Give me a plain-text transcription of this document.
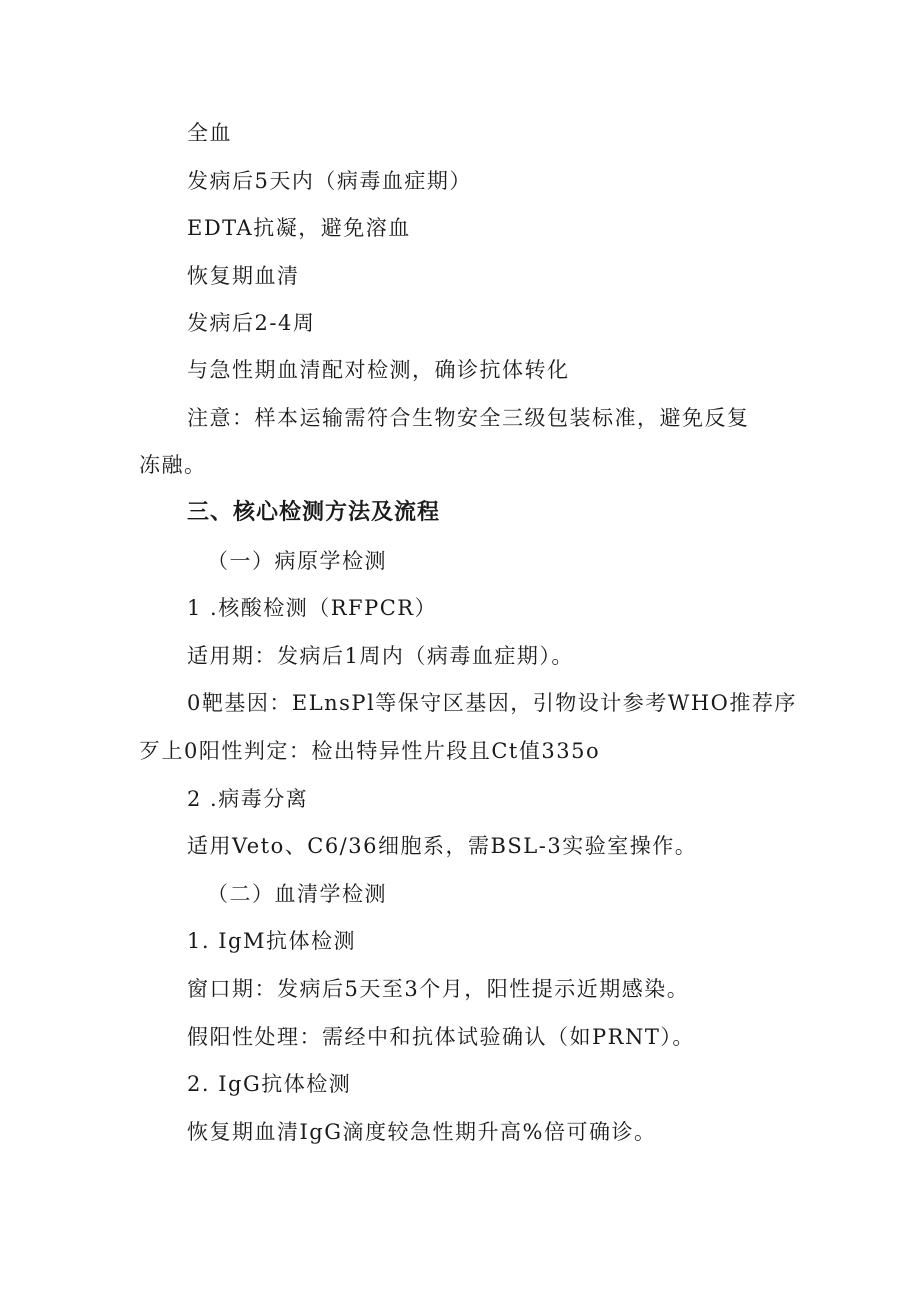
全血
发病后5天内（病毒血症期）
EDTA抗凝，避免溶血
恢复期血清
发病后2-4周
与急性期血清配对检测，确诊抗体转化
注意：样本运输需符合生物安全三级包装标准，避免反复
冻融。
三、核心检测方法及流程
（一）病原学检测
1 .核酸检测（RFPCR）
适用期：发病后1周内（病毒血症期）。
0靶基因：ELnsPl等保守区基因，引物设计参考WHO推荐序
歹上0阳性判定：检出特异性片段且Ct值335o
2 .病毒分离
适用Veto、C6/36细胞系，需BSL-3实验室操作。
（二）血清学检测
1. IgM抗体检测
窗口期：发病后5天至3个月，阳性提示近期感染。
假阳性处理：需经中和抗体试验确认（如PRNT）。
2. IgG抗体检测
恢复期血清IgG滴度较急性期升高%倍可确诊。
